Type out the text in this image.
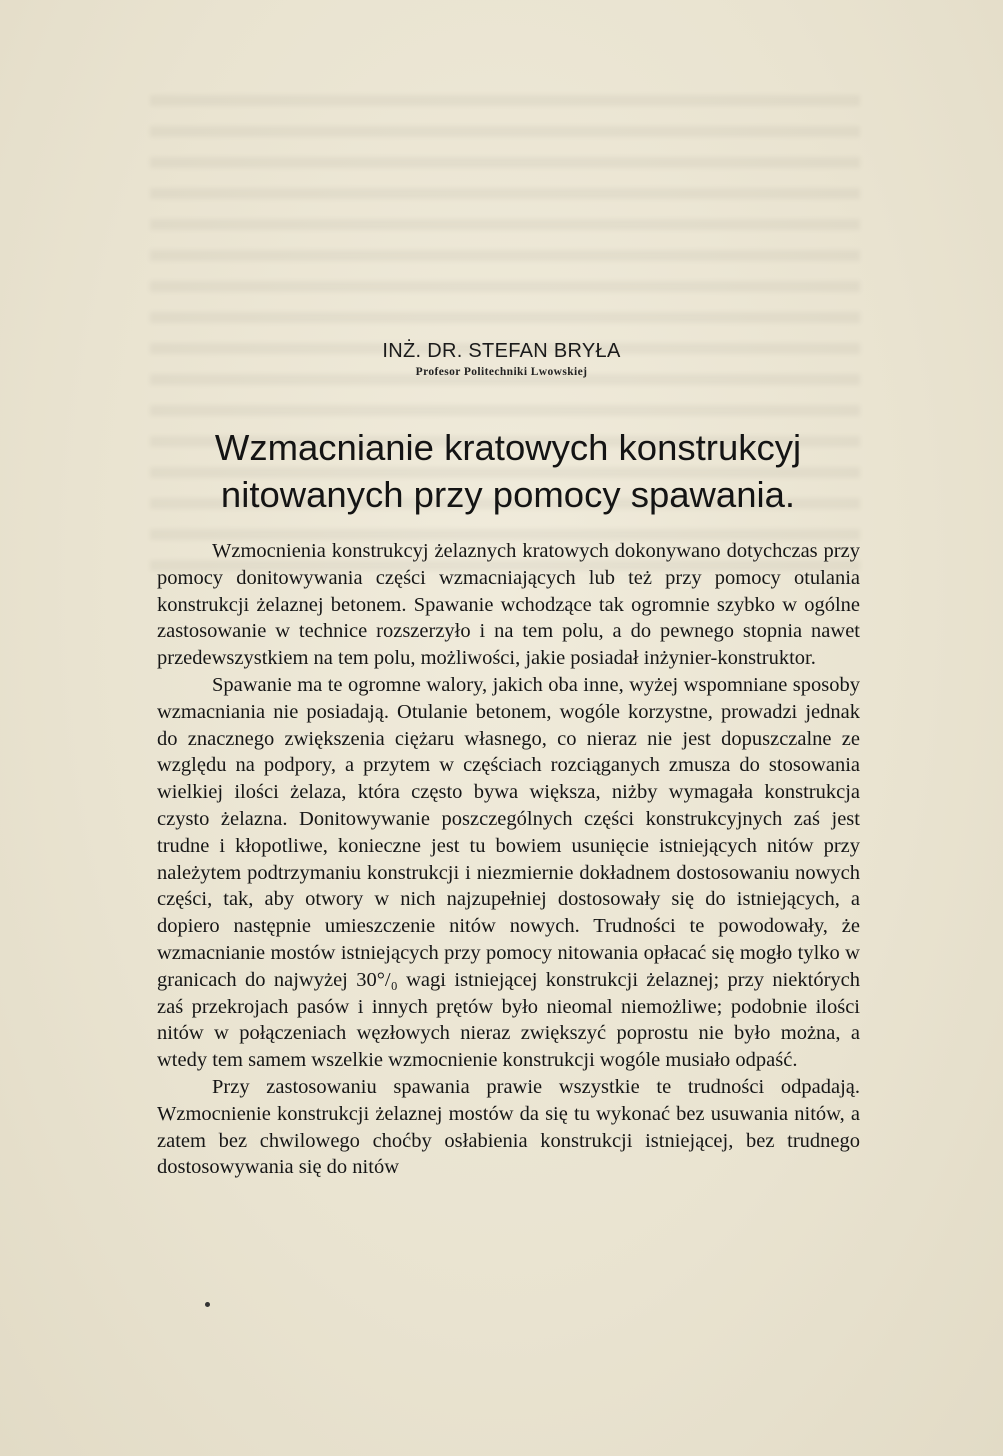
INŻ. DR. STEFAN BRYŁA
Profesor Politechniki Lwowskiej
Wzmacnianie kratowych konstrukcyj nitowanych przy pomocy spawania.

Wzmocnienia konstrukcyj żelaznych kratowych dokonywano dotychczas przy pomocy donitowywania części wzmacniających lub też przy pomocy otulania konstrukcji żelaznej betonem. Spawanie wchodzące tak ogromnie szybko w ogólne zastosowanie w technice rozszerzyło i na tem polu, a do pewnego stopnia nawet przedewszystkiem na tem polu, możliwości, jakie posiadał inżynier-konstruktor.

Spawanie ma te ogromne walory, jakich oba inne, wyżej wspomniane sposoby wzmacniania nie posiadają. Otulanie betonem, wogóle korzystne, prowadzi jednak do znacznego zwiększenia ciężaru własnego, co nieraz nie jest dopuszczalne ze względu na podpory, a przytem w częściach rozciąganych zmusza do stosowania wielkiej ilości żelaza, która często bywa większa, niżby wymagała konstrukcja czysto żelazna. Donitowywanie poszczególnych części konstrukcyjnych zaś jest trudne i kłopotliwe, konieczne jest tu bowiem usunięcie istniejących nitów przy należytem podtrzymaniu konstrukcji i niezmiernie dokładnem dostosowaniu nowych części, tak, aby otwory w nich najzupełniej dostosowały się do istniejących, a dopiero następnie umieszczenie nitów nowych. Trudności te powodowały, że wzmacnianie mostów istniejących przy pomocy nitowania opłacać się mogło tylko w granicach do najwyżej 30°/₀ wagi istniejącej konstrukcji żelaznej; przy niektórych zaś przekrojach pasów i innych prętów było nieomal niemożliwe; podobnie ilości nitów w połączeniach węzłowych nieraz zwiększyć poprostu nie było można, a wtedy tem samem wszelkie wzmocnienie konstrukcji wogóle musiało odpaść.

Przy zastosowaniu spawania prawie wszystkie te trudności odpadają. Wzmocnienie konstrukcji żelaznej mostów da się tu wykonać bez usuwania nitów, a zatem bez chwilowego choćby osłabienia konstrukcji istniejącej, bez trudnego dostosowywania się do nitów
